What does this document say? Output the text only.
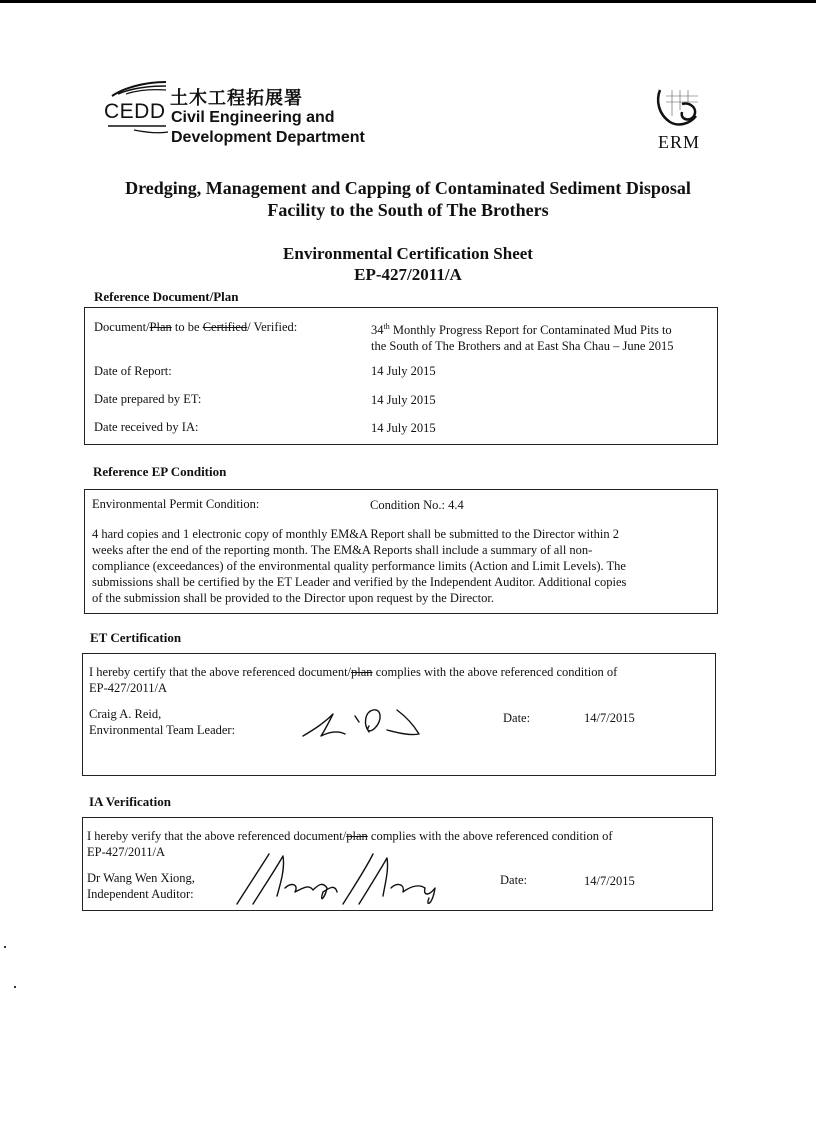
CEDD
土木工程拓展署
Civil Engineering and
Development Department	ERM
Dredging, Management and Capping of Contaminated Sediment Disposal
Facility to the South of The Brothers
Environmental Certification Sheet
EP-427/2011/A
Reference Document/Plan
Document/Plan to be Certified/ Verified:	34th Monthly Progress Report for Contaminated Mud Pits to
the South of The Brothers and at East Sha Chau – June 2015
Date of Report:	14 July 2015
Date prepared by ET:	14 July 2015
Date received by IA:	14 July 2015
Reference EP Condition
Environmental Permit Condition:	Condition No.: 4.4
4 hard copies and 1 electronic copy of monthly EM&A Report shall be submitted to the Director within 2
weeks after the end of the reporting month. The EM&A Reports shall include a summary of all non-
compliance (exceedances) of the environmental quality performance limits (Action and Limit Levels). The
submissions shall be certified by the ET Leader and verified by the Independent Auditor. Additional copies
of the submission shall be provided to the Director upon request by the Director.
ET Certification
I hereby certify that the above referenced document/plan complies with the above referenced condition of
EP-427/2011/A
Craig A. Reid,
Environmental Team Leader:
Date:	14/7/2015
IA Verification
I hereby verify that the above referenced document/plan complies with the above referenced condition of
EP-427/2011/A
Dr Wang Wen Xiong,
Independent Auditor:
Date:	14/7/2015
